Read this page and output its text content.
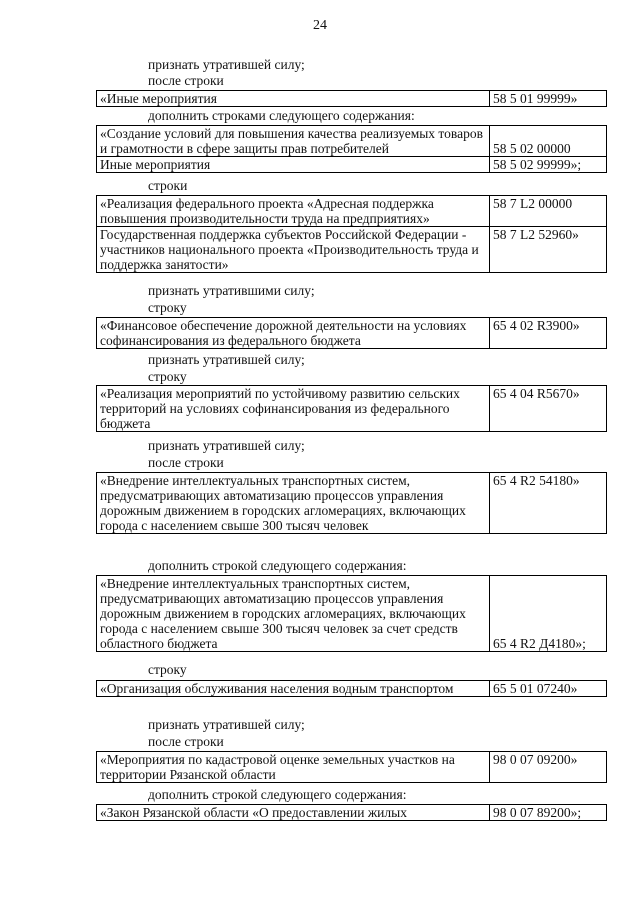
24
признать утратившей силу;
после строки
«Иные мероприятия	58 5 01 99999»
дополнить строками следующего содержания:
«Создание условий для повышения качества реализуемых товаров и грамотности в сфере защиты прав потребителей	58 5 02 00000
Иные мероприятия	58 5 02 99999»;
строки
«Реализация федерального проекта «Адресная поддержка повышения производительности труда на предприятиях»	58 7 L2 00000
Государственная поддержка субъектов Российской Федерации - участников национального проекта «Производительность труда и поддержка занятости»	58 7 L2 52960»
признать утратившими силу;
строку
«Финансовое обеспечение дорожной деятельности на условиях софинансирования из федерального бюджета	65 4 02 R3900»
признать утратившей силу;
строку
«Реализация мероприятий по устойчивому развитию сельских территорий на условиях софинансирования из федерального бюджета	65 4 04 R5670»
признать утратившей силу;
после строки
«Внедрение интеллектуальных транспортных систем, предусматривающих автоматизацию процессов управления дорожным движением в городских агломерациях, включающих города с населением свыше 300 тысяч человек	65 4 R2 54180»
дополнить строкой следующего содержания:
«Внедрение интеллектуальных транспортных систем, предусматривающих автоматизацию процессов управления дорожным движением в городских агломерациях, включающих города с населением свыше 300 тысяч человек за счет средств областного бюджета	65 4 R2 Д4180»;
строку
«Организация обслуживания населения водным транспортом	65 5 01 07240»
признать утратившей силу;
после строки
«Мероприятия по кадастровой оценке земельных участков на территории Рязанской области	98 0 07 09200»
дополнить строкой следующего содержания:
«Закон Рязанской области «О предоставлении жилых	98 0 07 89200»;
